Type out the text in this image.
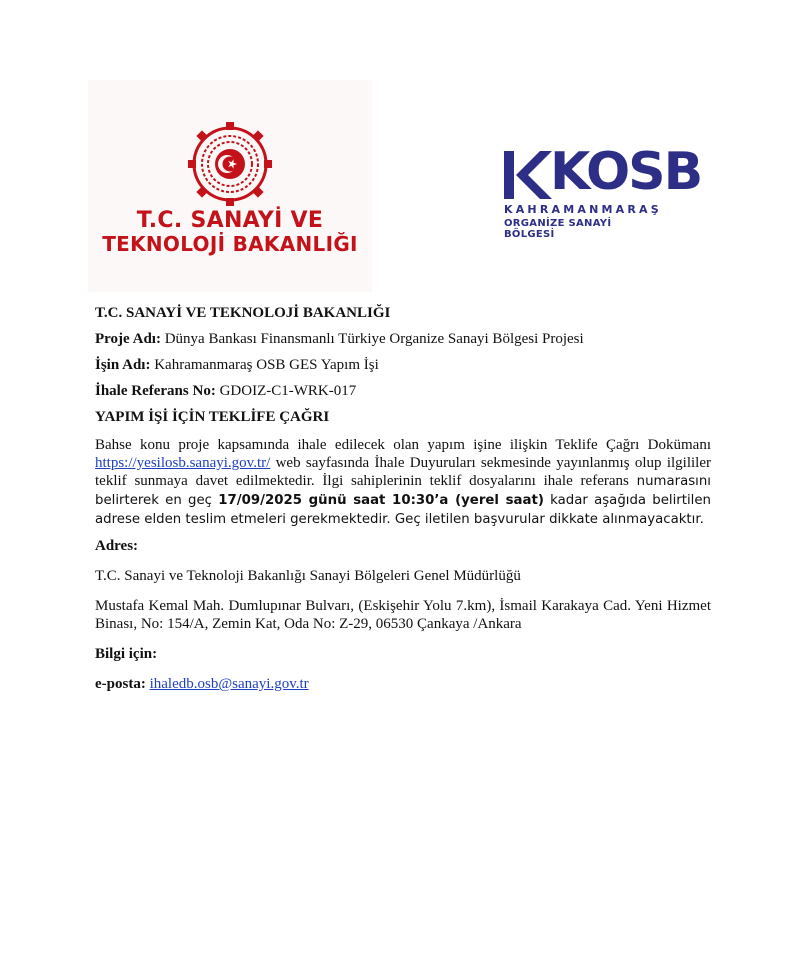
T.C. SANAYİ VE
TEKNOLOJİ BAKANLIĞI
KOSB
KAHRAMANMARAŞ
ORGANİZE SANAYİ BÖLGESİ

T.C. SANAYİ VE TEKNOLOJİ BAKANLIĞI

Proje Adı: Dünya Bankası Finansmanlı Türkiye Organize Sanayi Bölgesi Projesi

İşin Adı: Kahramanmaraş OSB GES Yapım İşi

İhale Referans No: GDOIZ-C1-WRK-017

YAPIM İŞİ İÇİN TEKLİFE ÇAĞRI

Bahse konu proje kapsamında ihale edilecek olan yapım işine ilişkin Teklife Çağrı Dokümanı https://yesilosb.sanayi.gov.tr/ web sayfasında İhale Duyuruları sekmesinde yayınlanmış olup ilgililer teklif sunmaya davet edilmektedir. İlgi sahiplerinin teklif dosyalarını ihale referans numarasını belirterek en geç 17/09/2025 günü saat 10:30’a (yerel saat) kadar aşağıda belirtilen adrese elden teslim etmeleri gerekmektedir. Geç iletilen başvurular dikkate alınmayacaktır.

Adres:

T.C. Sanayi ve Teknoloji Bakanlığı Sanayi Bölgeleri Genel Müdürlüğü

Mustafa Kemal Mah. Dumlupınar Bulvarı, (Eskişehir Yolu 7.km), İsmail Karakaya Cad. Yeni Hizmet Binası, No: 154/A, Zemin Kat, Oda No: Z-29, 06530 Çankaya /Ankara

Bilgi için:

e-posta: ihaledb.osb@sanayi.gov.tr
